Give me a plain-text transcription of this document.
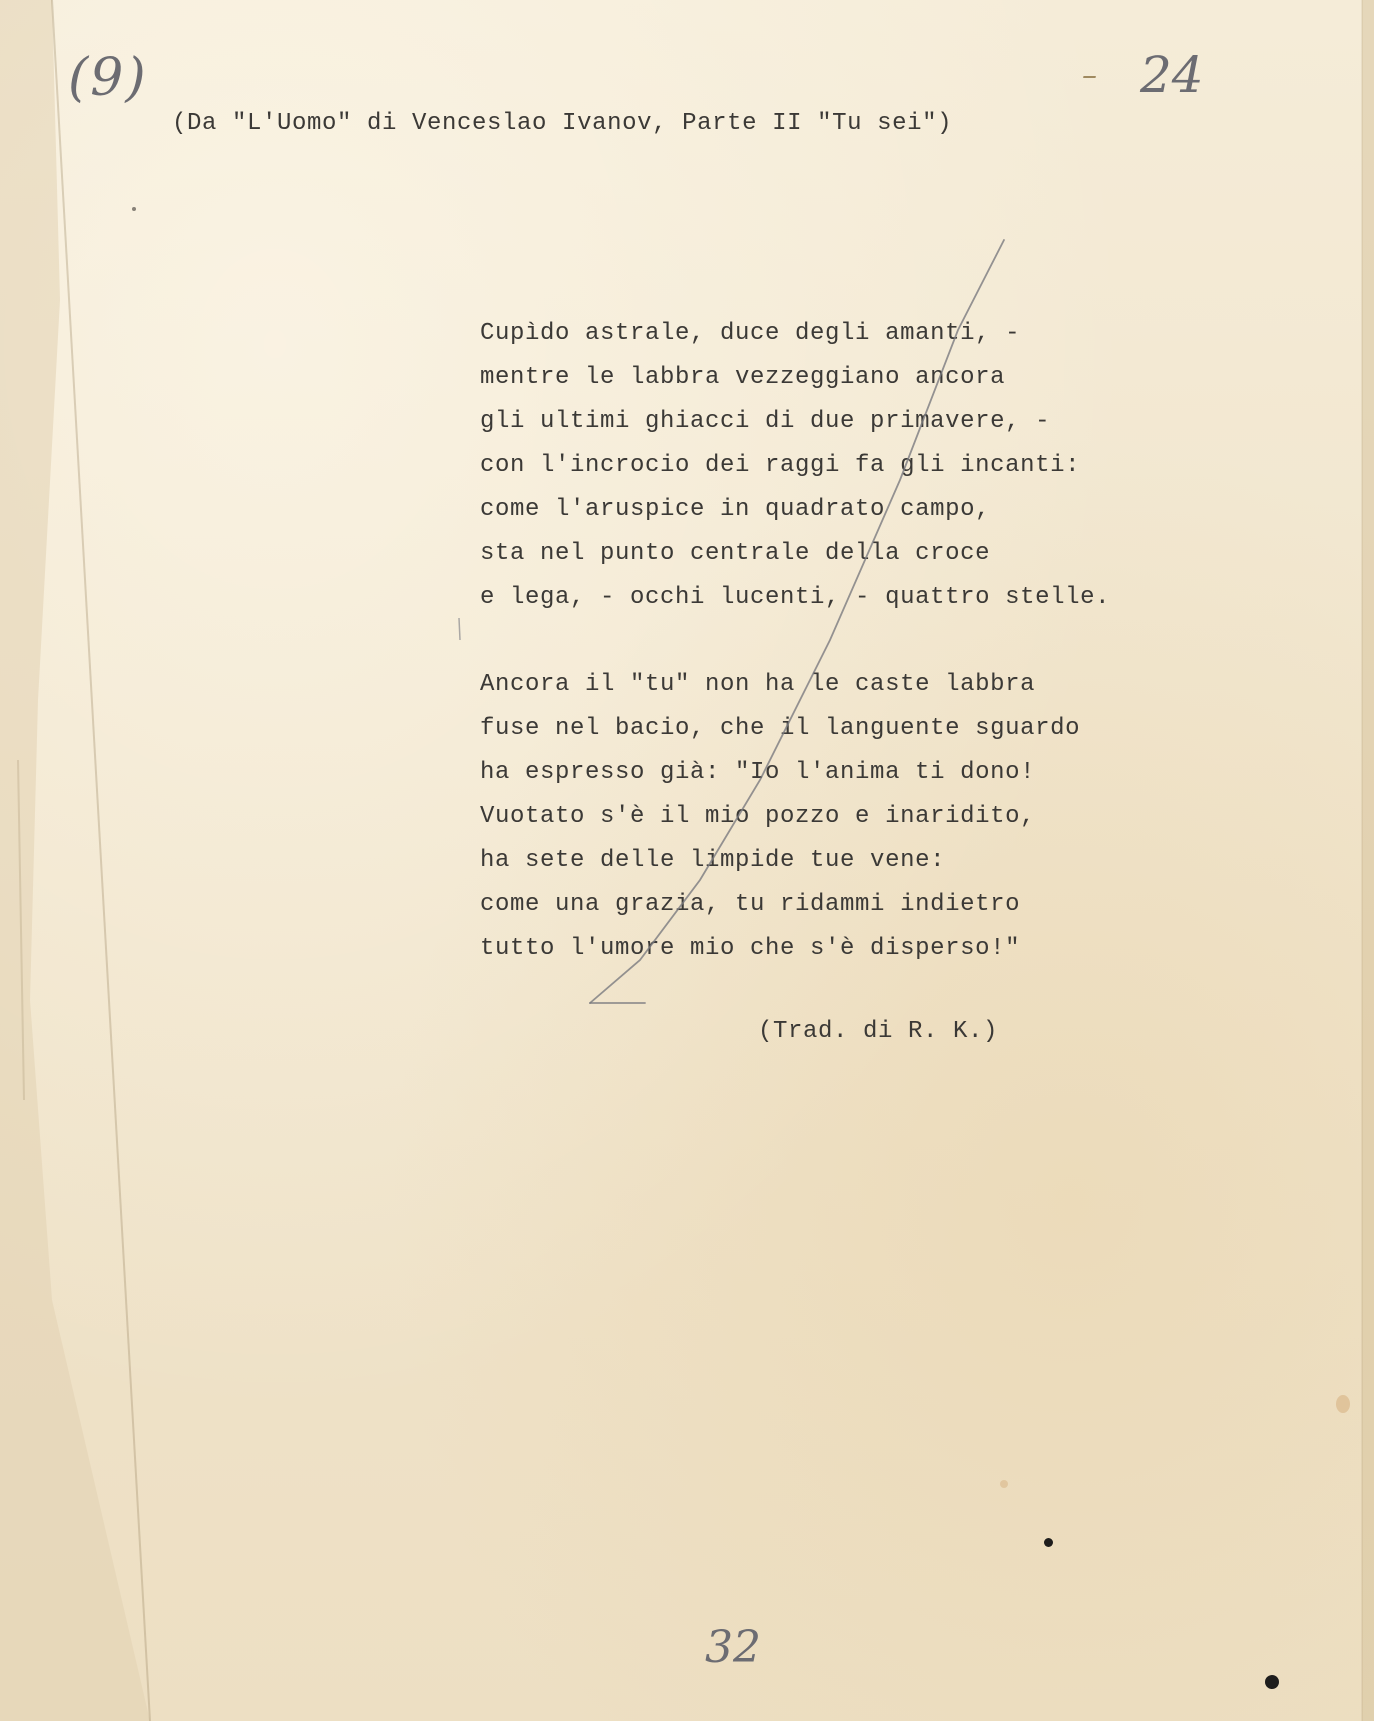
(9)	– 24
(Da "L'Uomo" di Venceslao Ivanov, Parte II "Tu sei")
Cupìdo astrale, duce degli amanti, -
mentre le labbra vezzeggiano ancora
gli ultimi ghiacci di due primavere, -
con l'incrocio dei raggi fa gli incanti:
come l'aruspice in quadrato campo,
sta nel punto centrale della croce
e lega, - occhi lucenti, - quattro stelle.
Ancora il "tu" non ha le caste labbra
fuse nel bacio, che il languente sguardo
ha espresso già: "Io l'anima ti dono!
Vuotato s'è il mio pozzo e inaridito,
ha sete delle limpide tue vene:
come una grazia, tu ridammi indietro
tutto l'umore mio che s'è disperso!"
(Trad. di R. K.)
32
